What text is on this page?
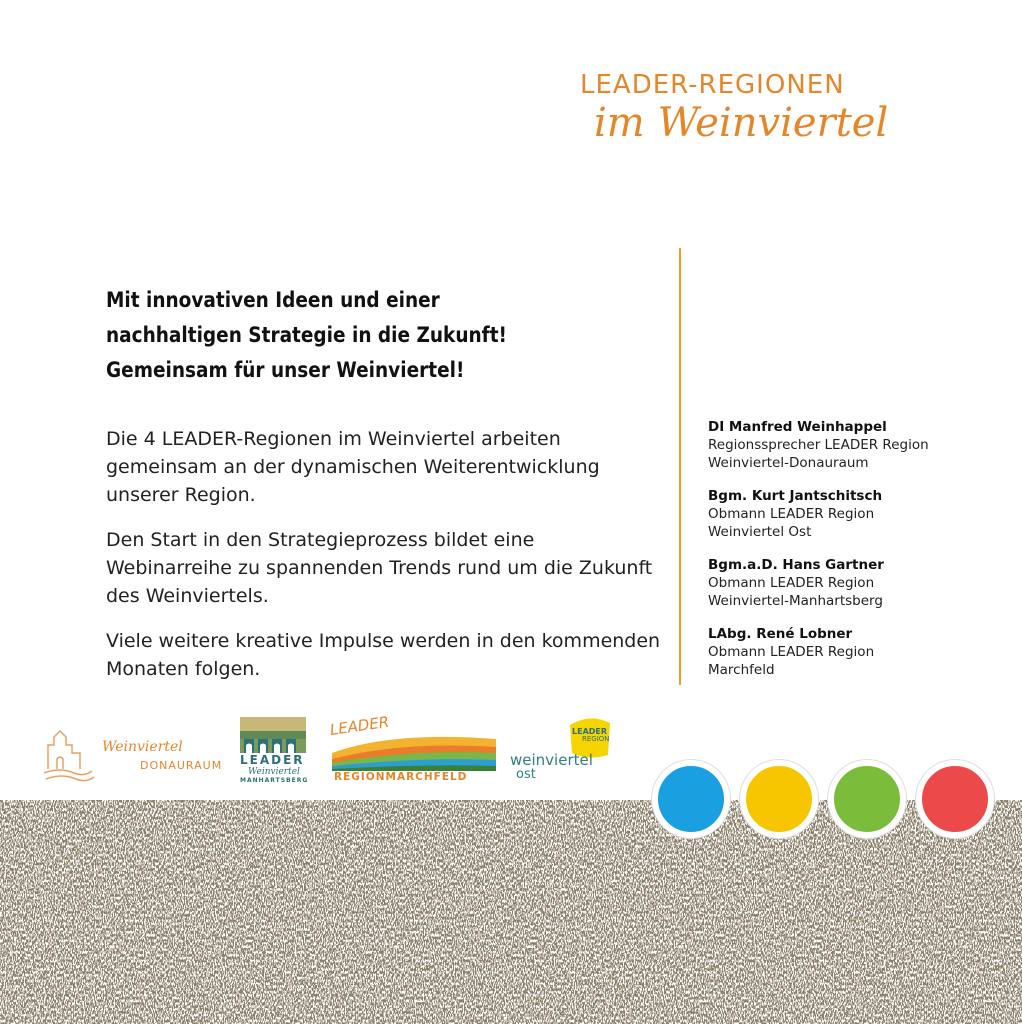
LEADER-REGIONEN
im Weinviertel
Mit innovativen Ideen und einer
nachhaltigen Strategie in die Zukunft!
Gemeinsam für unser Weinviertel!

Die 4 LEADER-Regionen im Weinviertel arbeiten gemeinsam an der dynamischen Weiterentwicklung unserer Region.

Den Start in den Strategieprozess bildet eine Webinarreihe zu spannenden Trends rund um die Zukunft des Weinviertels.

Viele weitere kreative Impulse werden in den kommenden Monaten folgen.

DI Manfred Weinhappel
Regionssprecher LEADER Region
Weinviertel-Donauraum
Bgm. Kurt Jantschitsch
Obmann LEADER Region
Weinviertel Ost
Bgm.a.D. Hans Gartner
Obmann LEADER Region
Weinviertel-Manhartsberg
LAbg. René Lobner
Obmann LEADER Region
Marchfeld
Weinviertel
DONAURAUM LEADER
Weinviertel
MANHARTSBERG
LEADER
REGIONMARCHFELD
LEADER
REGION
weinviertel
ost
